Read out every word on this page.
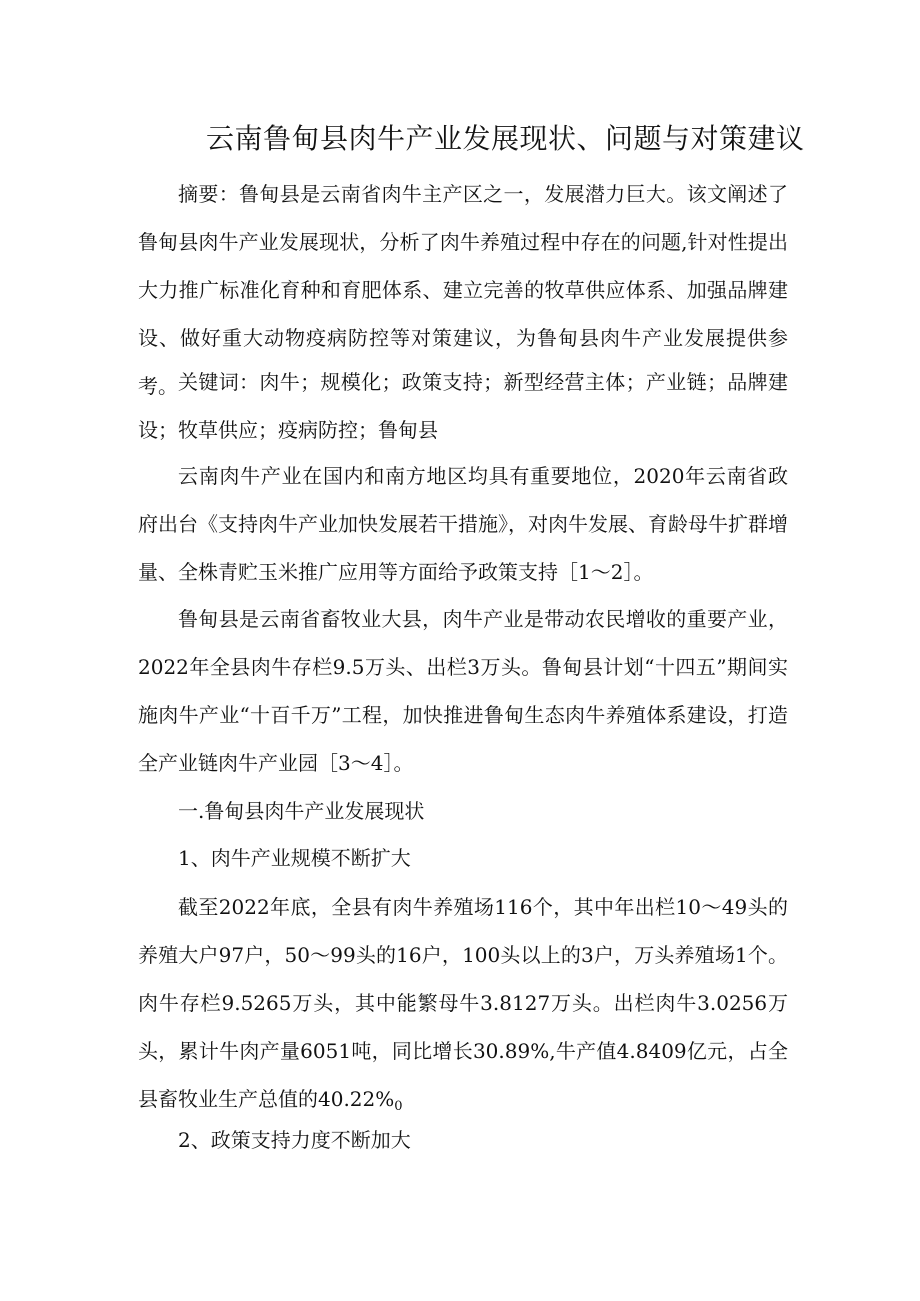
云南鲁甸县肉牛产业发展现状、问题与对策建议
摘要：鲁甸县是云南省肉牛主产区之一，发展潜力巨大。该文阐述了鲁甸县肉牛产业发展现状，分析了肉牛养殖过程中存在的问题,针对性提出大力推广标准化育种和育肥体系、建立完善的牧草供应体系、加强品牌建设、做好重大动物疫病防控等对策建议，为鲁甸县肉牛产业发展提供参考。 关键词：肉牛；规模化；政策支持；新型经营主体；产业链；品牌建设；牧草供应；疫病防控；鲁甸县
云南肉牛产业在国内和南方地区均具有重要地位，2020年云南省政府出台《支持肉牛产业加快发展若干措施》，对肉牛发展、育龄母牛扩群增量、全株青贮玉米推广应用等方面给予政策支持［1〜2］。
鲁甸县是云南省畜牧业大县，肉牛产业是带动农民增收的重要产业，2022年全县肉牛存栏9.5万头、出栏3万头。鲁甸县计划“十四五”期间实施肉牛产业“十百千万”工程，加快推进鲁甸生态肉牛养殖体系建设，打造全产业链肉牛产业园［3〜4］。
一.鲁甸县肉牛产业发展现状
1、肉牛产业规模不断扩大
截至2022年底，全县有肉牛养殖场116个，其中年出栏10〜49头的养殖大户97户，50〜99头的16户，100头以上的3户，万头养殖场1个。肉牛存栏9.5265万头，其中能繁母牛3.8127万头。出栏肉牛3.0256万头，累计牛肉产量6051吨，同比增长30.89%,牛产值4.8409亿元，占全县畜牧业生产总值的$40.22\%_0$
2、政策支持力度不断加大
